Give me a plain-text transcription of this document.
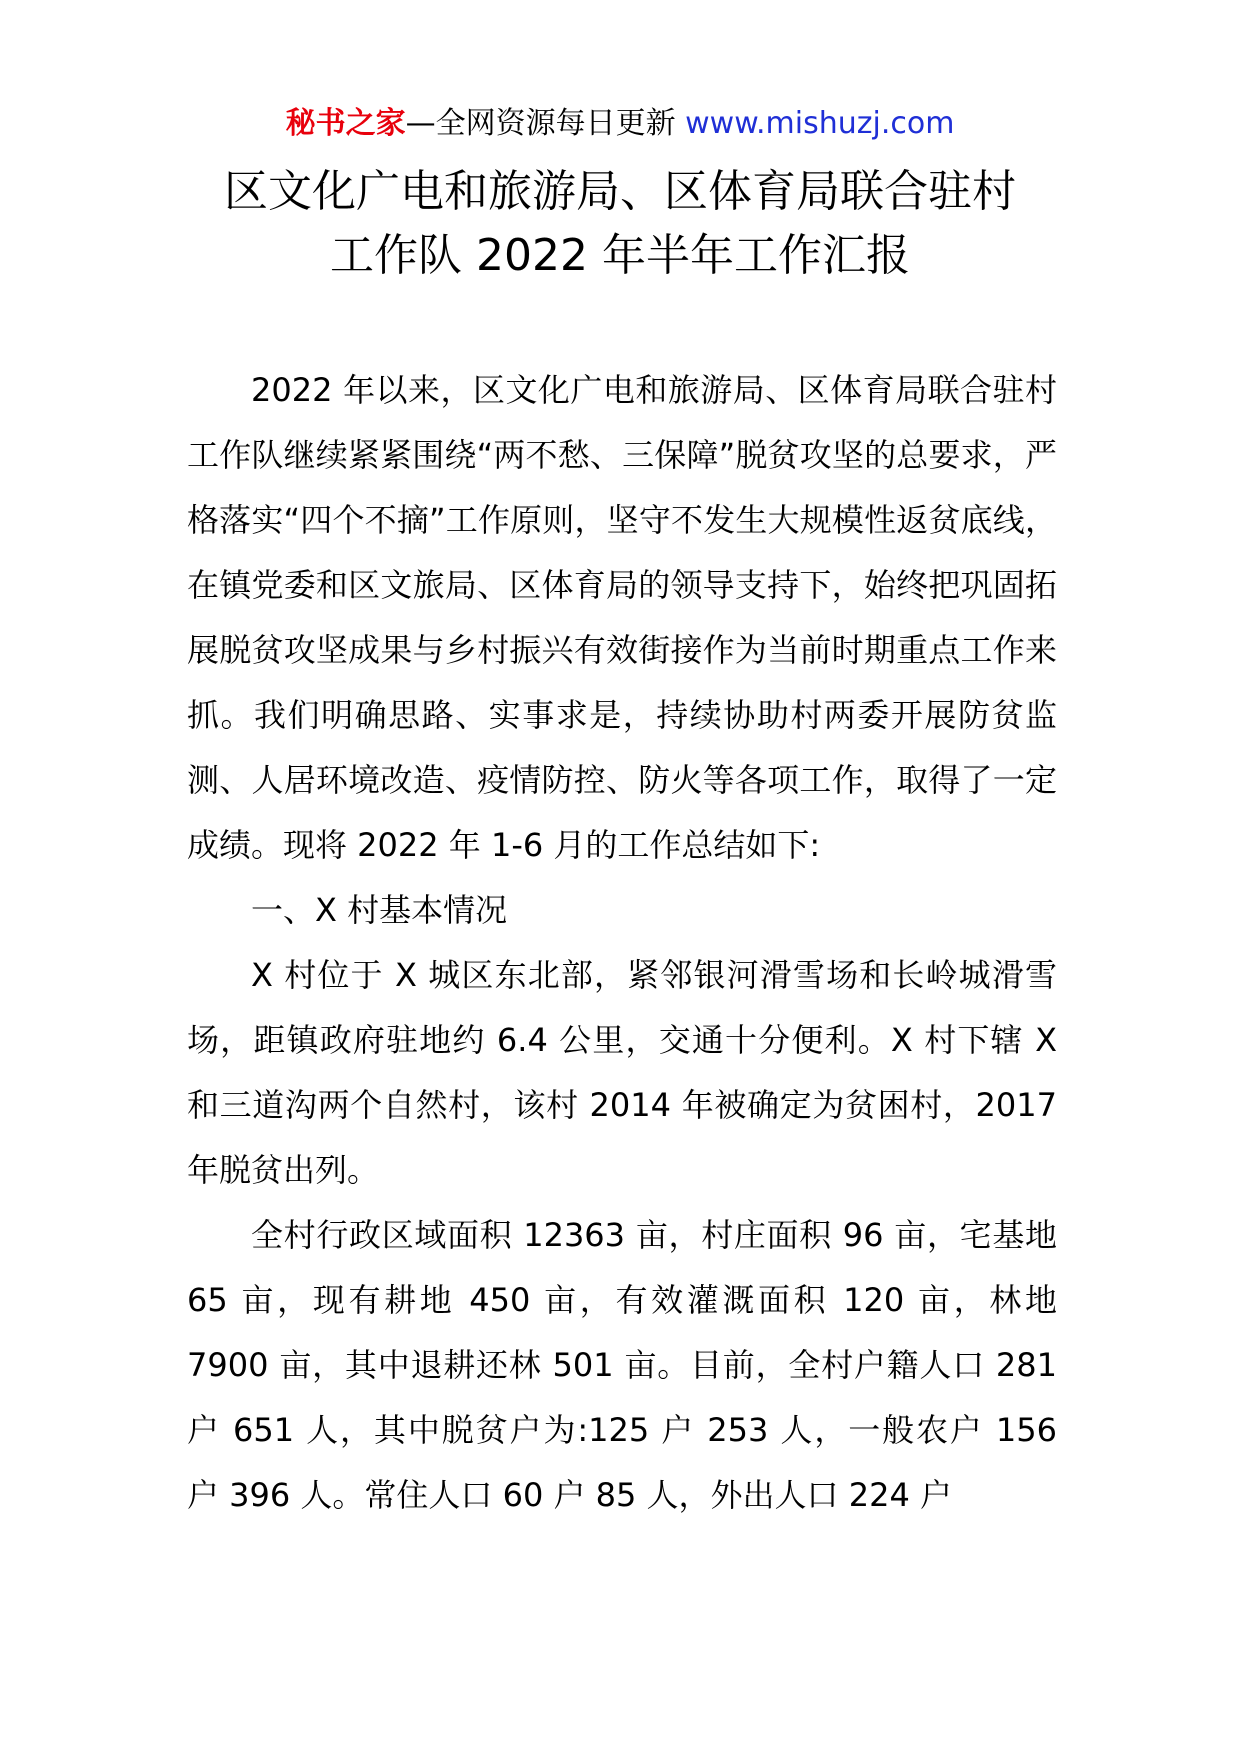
秘书之家—全网资源每日更新 www.mishuzj.com
区文化广电和旅游局、区体育局联合驻村
工作队 2022 年半年工作汇报

2022 年以来，区文化广电和旅游局、区体育局联合驻村工作队继续紧紧围绕“两不愁、三保障”脱贫攻坚的总要求，严格落实“四个不摘”工作原则，坚守不发生大规模性返贫底线，在镇党委和区文旅局、区体育局的领导支持下，始终把巩固拓展脱贫攻坚成果与乡村振兴有效街接作为当前时期重点工作来抓。我们明确思路、实事求是，持续协助村两委开展防贫监测、人居环境改造、疫情防控、防火等各项工作，取得了一定成绩。现将 2022 年 1-6 月的工作总结如下:

一、X 村基本情况

X 村位于 X 城区东北部，紧邻银河滑雪场和长岭城滑雪场，距镇政府驻地约 6.4 公里，交通十分便利。X 村下辖 X 和三道沟两个自然村，该村 2014 年被确定为贫困村，2017 年脱贫出列。

全村行政区域面积 12363 亩，村庄面积 96 亩，宅基地 65 亩，现有耕地 450 亩，有效灌溉面积 120 亩，林地 7900 亩，其中退耕还林 501 亩。目前，全村户籍人口 281 户 651 人，其中脱贫户为:125 户 253 人，一般农户 156 户 396 人。常住人口 60 户 85 人，外出人口 224 户
